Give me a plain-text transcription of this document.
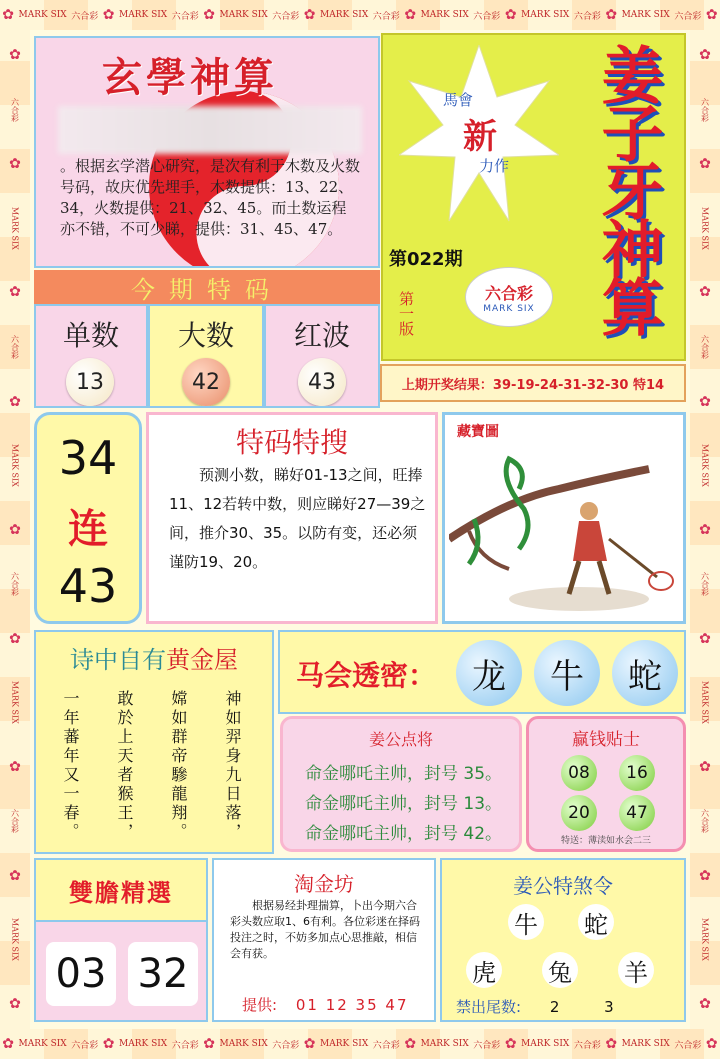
✿ MARK SIX 六合彩 ✿ MARK SIX 六合彩 ✿ MARK SIX 六合彩 ✿ MARK SIX 六合彩 ✿ MARK SIX 六合彩 ✿ MARK SIX 六合彩 ✿ MARK SIX 六合彩 ✿
✿ MARK SIX 六合彩 ✿ MARK SIX 六合彩 ✿ MARK SIX 六合彩 ✿ MARK SIX 六合彩 ✿ MARK SIX 六合彩 ✿ MARK SIX 六合彩 ✿ MARK SIX 六合彩 ✿
✿
六合彩
✿
MARK SIX
✿
六合彩
✿
MARK SIX
✿
六合彩
✿
MARK SIX
✿
六合彩
✿
MARK SIX
✿
✿
六合彩
✿
MARK SIX
✿
六合彩
✿
MARK SIX
✿
六合彩
✿
MARK SIX
✿
六合彩
✿
MARK SIX
✿
玄學神算
。根据玄学潜心研究，是次有利于木数及火数号码，故庆优先埋手，木数提供：13、22、34，火数提供：21、32、45。而土数运程亦不错，不可少睇，提供：31、45、47。
馬會
新
力作 姜子牙神算
第022期
第一版	六合彩
MARK SIX
上期开奖结果：39-19-24-31-32-30 特14
今期特码
单数
13
大数
42
红波
43
34
连
43
特码特搜
预测小数，睇好01-13之间，旺捧11、12若转中数，则应睇好27—39之间，推介30、35。以防有变，还必须谨防19、20。
藏寶圖
诗中自有黄金屋
神如羿身九日落，
嫦如群帝驂龍翔。
敢於上天者猴王，
一年蕃年又一春。
马会透密：	龙	牛	蛇
姜公点将
命金哪吒主帅，封号 35。
命金哪吒主帅，封号 13。
命金哪吒主帅，封号 42。
赢钱贴士
08	16
20	47
特送：薄渎如水会二三
雙膽精選
03 32
淘金坊
根据易经卦理揣算，卜出今期六合彩头数应取1、6有利。各位彩迷在择码投注之时，不妨多加点心思推敲，相信会有获。
提供: 01 12 35 47
姜公特煞令
牛 蛇
虎 兔 羊
禁出尾数: 2	3
